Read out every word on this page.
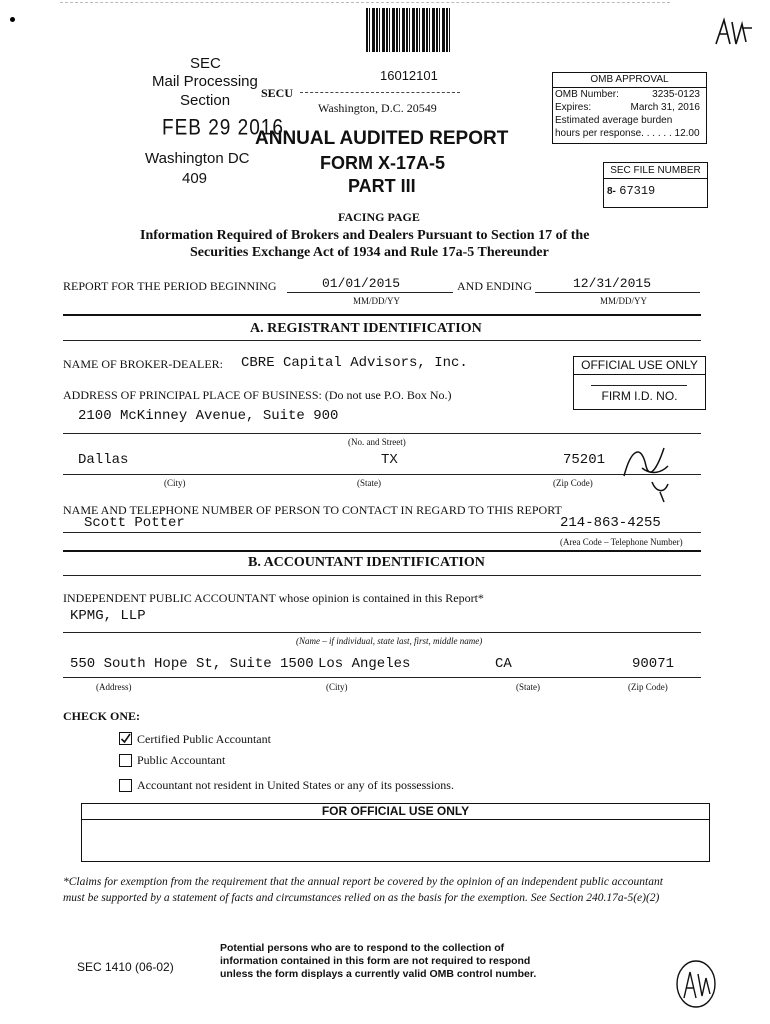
SEC
Mail Processing
Section
FEB 29 2016
Washington DC
409
16012101
SECU
Washington, D.C. 20549
ANNUAL AUDITED REPORT
FORM X-17A-5
PART III
OMB APPROVAL
OMB Number:	3235-0123
Expires:	March 31, 2016
Estimated average burden
hours per response. . . . . . 12.00
SEC FILE NUMBER
8- 67319
FACING PAGE
Information Required of Brokers and Dealers Pursuant to Section 17 of the
Securities Exchange Act of 1934 and Rule 17a-5 Thereunder
REPORT FOR THE PERIOD BEGINNING	01/01/2015
MM/DD/YY
AND ENDING	12/31/2015
MM/DD/YY
A. REGISTRANT IDENTIFICATION
NAME OF BROKER-DEALER: CBRE Capital Advisors, Inc.	OFFICIAL USE ONLY
FIRM I.D. NO.
ADDRESS OF PRINCIPAL PLACE OF BUSINESS: (Do not use P.O. Box No.)
2100 McKinney Avenue, Suite 900
(No. and Street)
Dallas	TX	75201
(City)	(State)	(Zip Code)
NAME AND TELEPHONE NUMBER OF PERSON TO CONTACT IN REGARD TO THIS REPORT
Scott Potter	214-863-4255
(Area Code – Telephone Number)
B. ACCOUNTANT IDENTIFICATION
INDEPENDENT PUBLIC ACCOUNTANT whose opinion is contained in this Report*
KPMG, LLP
(Name – if individual, state last, first, middle name)
550 South Hope St, Suite 1500 Los Angeles	CA	90071
(Address)	(City)	(State)	(Zip Code)
CHECK ONE:
Certified Public Accountant
Public Accountant
Accountant not resident in United States or any of its possessions.
FOR OFFICIAL USE ONLY
*Claims for exemption from the requirement that the annual report be covered by the opinion of an independent public accountant
must be supported by a statement of facts and circumstances relied on as the basis for the exemption. See Section 240.17a-5(e)(2)
SEC 1410 (06-02)
Potential persons who are to respond to the collection of
information contained in this form are not required to respond
unless the form displays a currently valid OMB control number.
